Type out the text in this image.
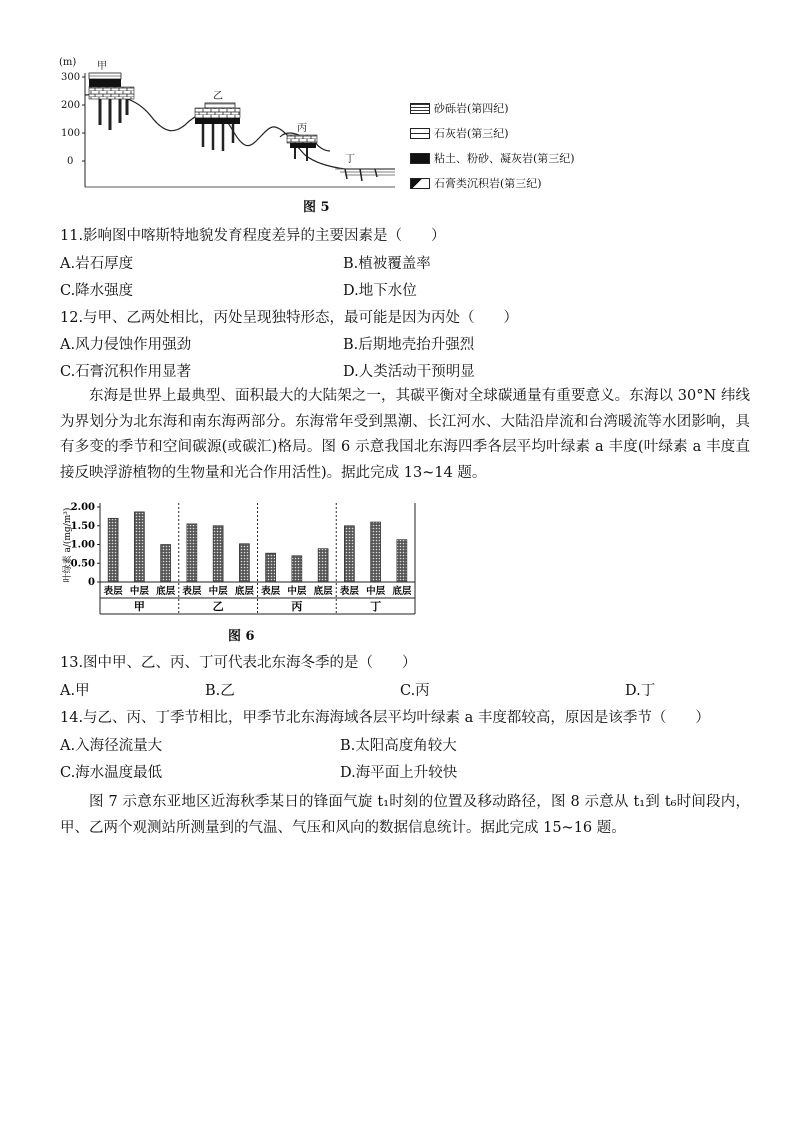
(m)
300
200
100
0
甲
乙
丙
丁
砂砾岩(第四纪)
石灰岩(第三纪)
粘土、粉砂、凝灰岩(第三纪)
石膏类沉积岩(第三纪)
图 5
11.影响图中喀斯特地貌发育程度差异的主要因素是（　　）
A.岩石厚度	B.植被覆盖率
C.降水强度	D.地下水位
12.与甲、乙两处相比，丙处呈现独特形态，最可能是因为丙处（　　）
A.风力侵蚀作用强劲	B.后期地壳抬升强烈
C.石膏沉积作用显著	D.人类活动干预明显
东海是世界上最典型、面积最大的大陆架之一，其碳平衡对全球碳通量有重要意义。东海以 30°N 纬线为界划分为北东海和南东海两部分。东海常年受到黑潮、长江河水、大陆沿岸流和台湾暖流等水团影响，具有多变的季节和空间碳源(或碳汇)格局。图 6 示意我国北东海四季各层平均叶绿素 a 丰度(叶绿素 a 丰度直接反映浮游植物的生物量和光合作用活性)。据此完成 13~14 题。
叶绿素 a/(mg/m³)
2.00
1.50
1.00
0.50
0
表层 中层 底层
甲
表层 中层 底层
乙
表层 中层 底层
丙
表层 中层 底层
丁
图 6
13.图中甲、乙、丙、丁可代表北东海冬季的是（　　）
A.甲	B.乙	C.丙	D.丁
14.与乙、丙、丁季节相比，甲季节北东海海域各层平均叶绿素 a 丰度都较高，原因是该季节（　　）
A.入海径流量大	B.太阳高度角较大
C.海水温度最低	D.海平面上升较快
图 7 示意东亚地区近海秋季某日的锋面气旋 t₁时刻的位置及移动路径，图 8 示意从 t₁到 t₆时间段内，甲、乙两个观测站所测量到的气温、气压和风向的数据信息统计。据此完成 15~16 题。
